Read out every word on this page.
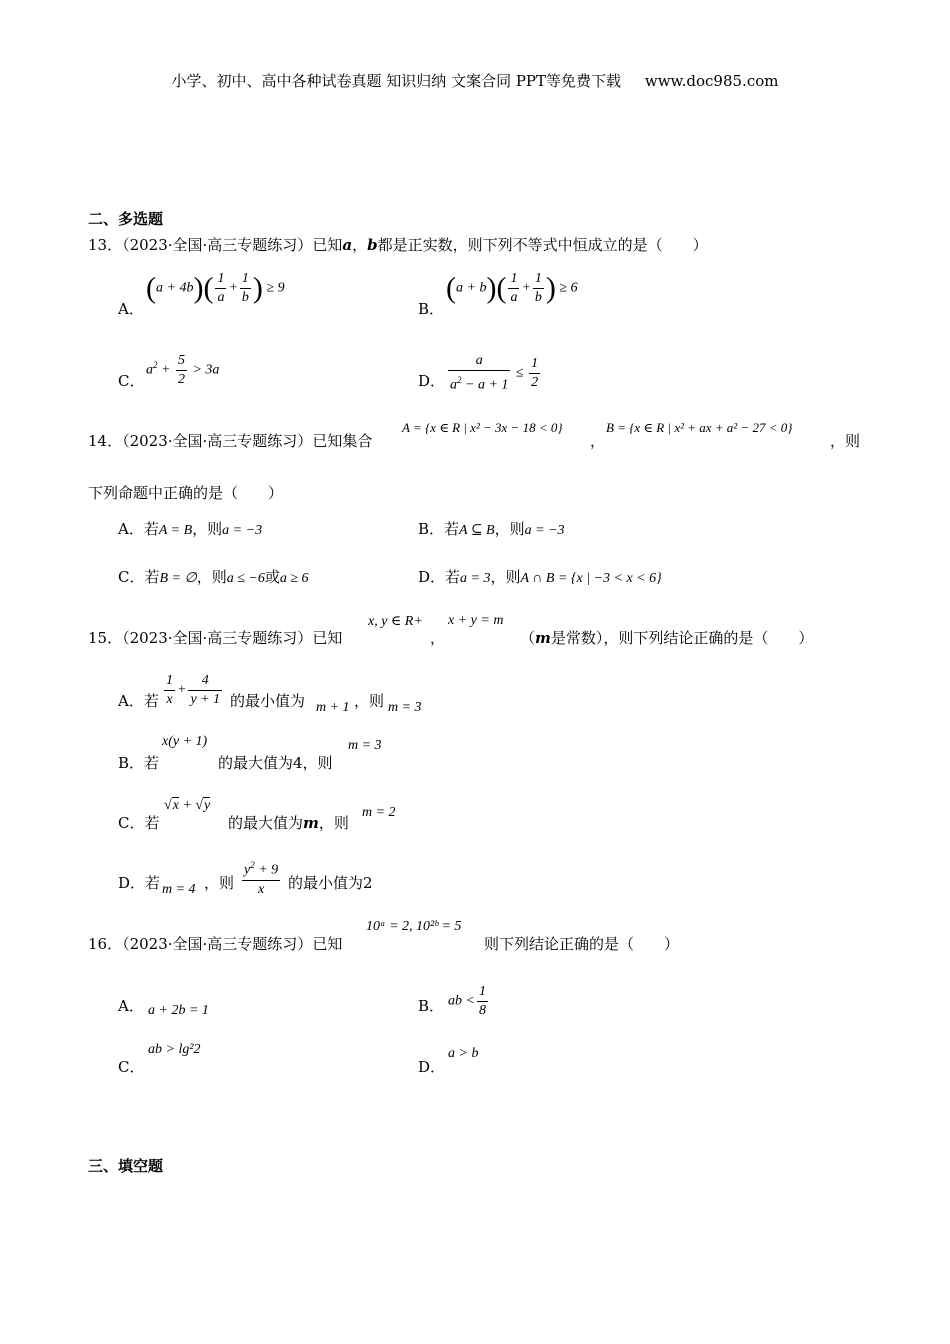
小学、初中、高中各种试卷真题 知识归纳 文案合同 PPT等免费下载 www.doc985.com
二、多选题
13．（2023·全国·高三专题练习）已知a，b都是正实数，则下列不等式中恒成立的是（　　）
A．
$(a + 4b)( \frac{1}{a} + \frac{1}{b}$ ) ≥ 9
B．
$(a + b)( \frac{1}{a} + \frac{1}{b}$ ) ≥ 6
C．
$a^2 + \frac{5}{2} > 3a$
D． $\frac{a}{a^2 - a + 1} \le \frac{1}{2}$
14．（2023·全国·高三专题练习）已知集合
A = {x ∈ R | x² − 3x − 18 < 0}
，
B = {x ∈ R | x² + ax + a² − 27 < 0}
，则
下列命题中正确的是（　　）
A．若A = B，则a = −3	B．若A ⊆ B，则a = −3
C．若B = ∅，则a ≤ −6或a ≥ 6	D．若a = 3，则A ∩ B = {x | −3 < x < 6}
15．（2023·全国·高三专题练习）已知
x, y ∈ R+
，
x + y = m
（m是常数），则下列结论正确的是（　　）
A．若 $\frac{1}{x} + \frac{4}{y + 1}$ 的最小值为 m + 1 ，则 m = 3
B．若
x(y + 1)
的最大值为4，则
m = 3
C．若
√x + √y
的最大值为m，则
m = 2
D．若 m = 4 ，则 $\frac{y^2 + 9}{x}$ 的最小值为2
16．（2023·全国·高三专题练习）已知
10ᵃ = 2, 10²ᵇ = 5
则下列结论正确的是（　　）
A． a + 2b = 1	B． ab < $\frac{1}{8}$
C．
ab > lg²2
D．
a > b
三、填空题
